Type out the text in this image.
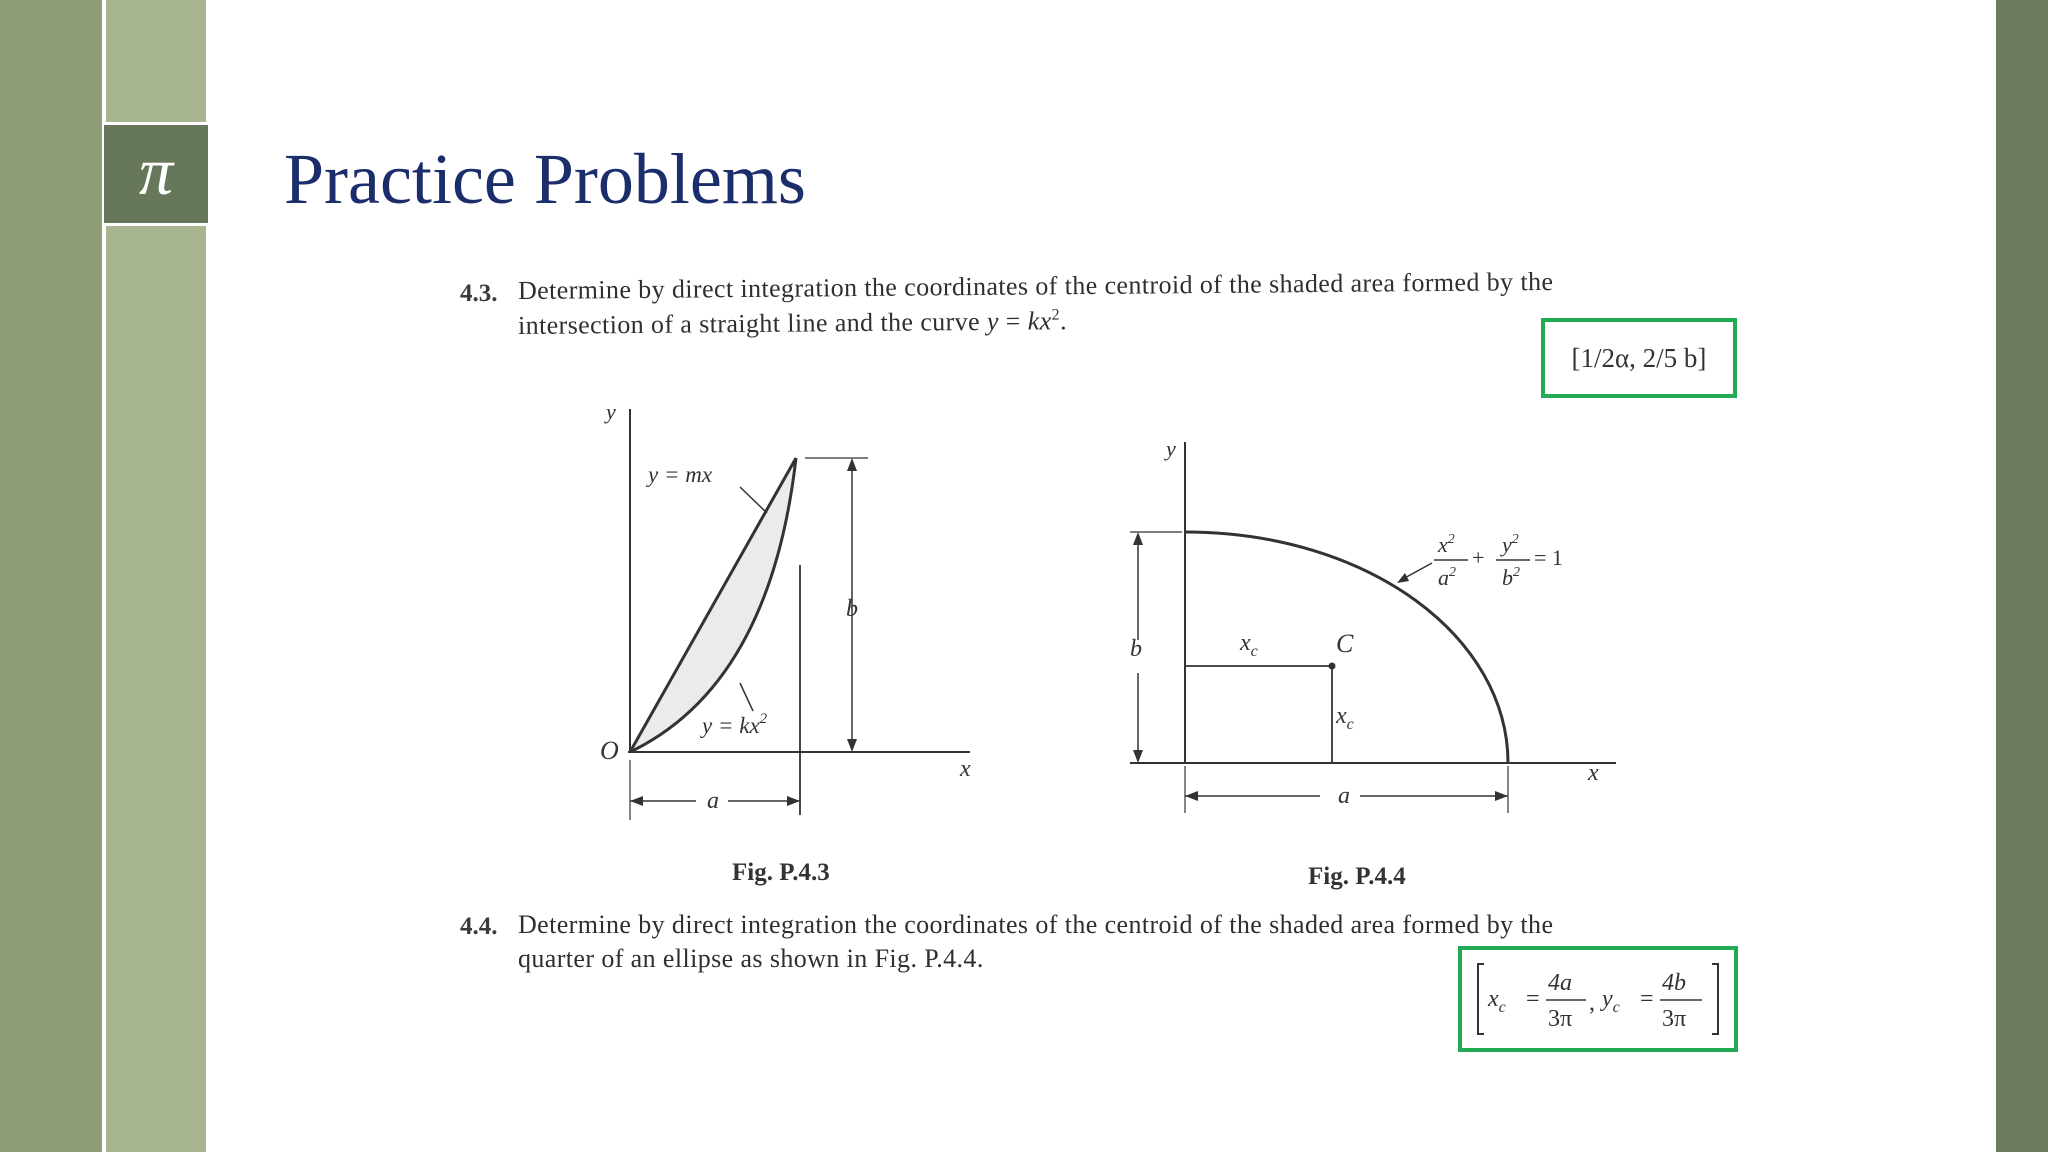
π Practice Problems
4.3. Determine by direct integration the coordinates of the centroid of the shaded area formed by the
intersection of a straight line and the curve $y = kx^2$.
[1/2α, 2/5 b]
b
a
y
x
O
y = mx
$y = kx^2$
Fig. P.4.3
b	$x_c$	C
$x_c$
a
y
x
$x^2$
$a^2$
+
$y^2$
$b^2$
= 1
Fig. P.4.4
4.4. Determine by direct integration the coordinates of the centroid of the shaded area formed by the
quarter of an ellipse as shown in Fig. P.4.4.
$x_c$ =
4a
3π
, $y_c$ =
4b
3π
